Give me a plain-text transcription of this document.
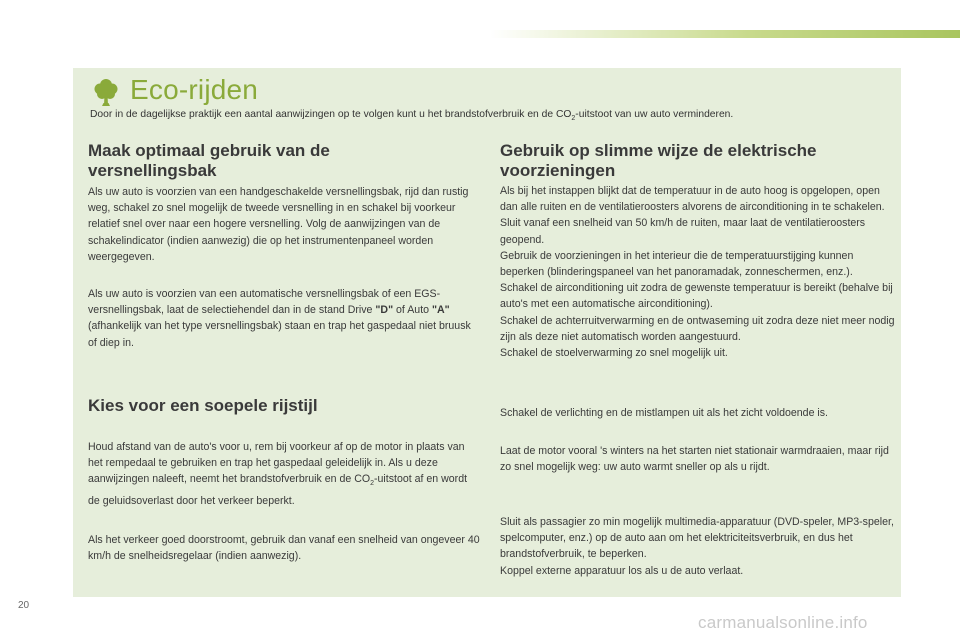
Eco-rijden

Door in de dagelijkse praktijk een aantal aanwijzingen op te volgen kunt u het brandstofverbruik en de $CO_2$-uitstoot van uw auto verminderen.

Maak optimaal gebruik van de
versnellingsbak

Als uw auto is voorzien van een handgeschakelde versnellingsbak, rijd dan rustig weg, schakel zo snel mogelijk de tweede versnelling in en schakel bij voorkeur relatief snel over naar een hogere versnelling. Volg de aanwijzingen van de schakelindicator (indien aanwezig) die op het instrumentenpaneel worden weergegeven.

Als uw auto is voorzien van een automatische versnellingsbak of een EGS-versnellingsbak, laat de selectiehendel dan in de stand Drive "D" of Auto "A" (afhankelijk van het type versnellingsbak) staan en trap het gaspedaal niet bruusk of diep in.

Kies voor een soepele rijstijl

Houd afstand van de auto's voor u, rem bij voorkeur af op de motor in plaats van het rempedaal te gebruiken en trap het gaspedaal geleidelijk in. Als u deze aanwijzingen naleeft, neemt het brandstofverbruik en de $CO_2$-uitstoot af en wordt de geluidsoverlast door het verkeer beperkt.

Als het verkeer goed doorstroomt, gebruik dan vanaf een snelheid van ongeveer 40 km/h de snelheidsregelaar (indien aanwezig).

Gebruik op slimme wijze de elektrische
voorzieningen

Als bij het instappen blijkt dat de temperatuur in de auto hoog is opgelopen, open dan alle ruiten en de ventilatieroosters alvorens de airconditioning in te schakelen.
Sluit vanaf een snelheid van 50 km/h de ruiten, maar laat de ventilatieroosters geopend.
Gebruik de voorzieningen in het interieur die de temperatuurstijging kunnen beperken (blinderingspaneel van het panoramadak, zonneschermen, enz.).
Schakel de airconditioning uit zodra de gewenste temperatuur is bereikt (behalve bij auto's met een automatische airconditioning).
Schakel de achterruitverwarming en de ontwaseming uit zodra deze niet meer nodig zijn als deze niet automatisch worden aangestuurd.
Schakel de stoelverwarming zo snel mogelijk uit.

Schakel de verlichting en de mistlampen uit als het zicht voldoende is.

Laat de motor vooral 's winters na het starten niet stationair warmdraaien, maar rijd zo snel mogelijk weg: uw auto warmt sneller op als u rijdt.

Sluit als passagier zo min mogelijk multimedia-apparatuur (DVD-speler, MP3-speler, spelcomputer, enz.) op de auto aan om het elektriciteitsverbruik, en dus het brandstofverbruik, te beperken.
Koppel externe apparatuur los als u de auto verlaat.

20
carmanualsonline.info
